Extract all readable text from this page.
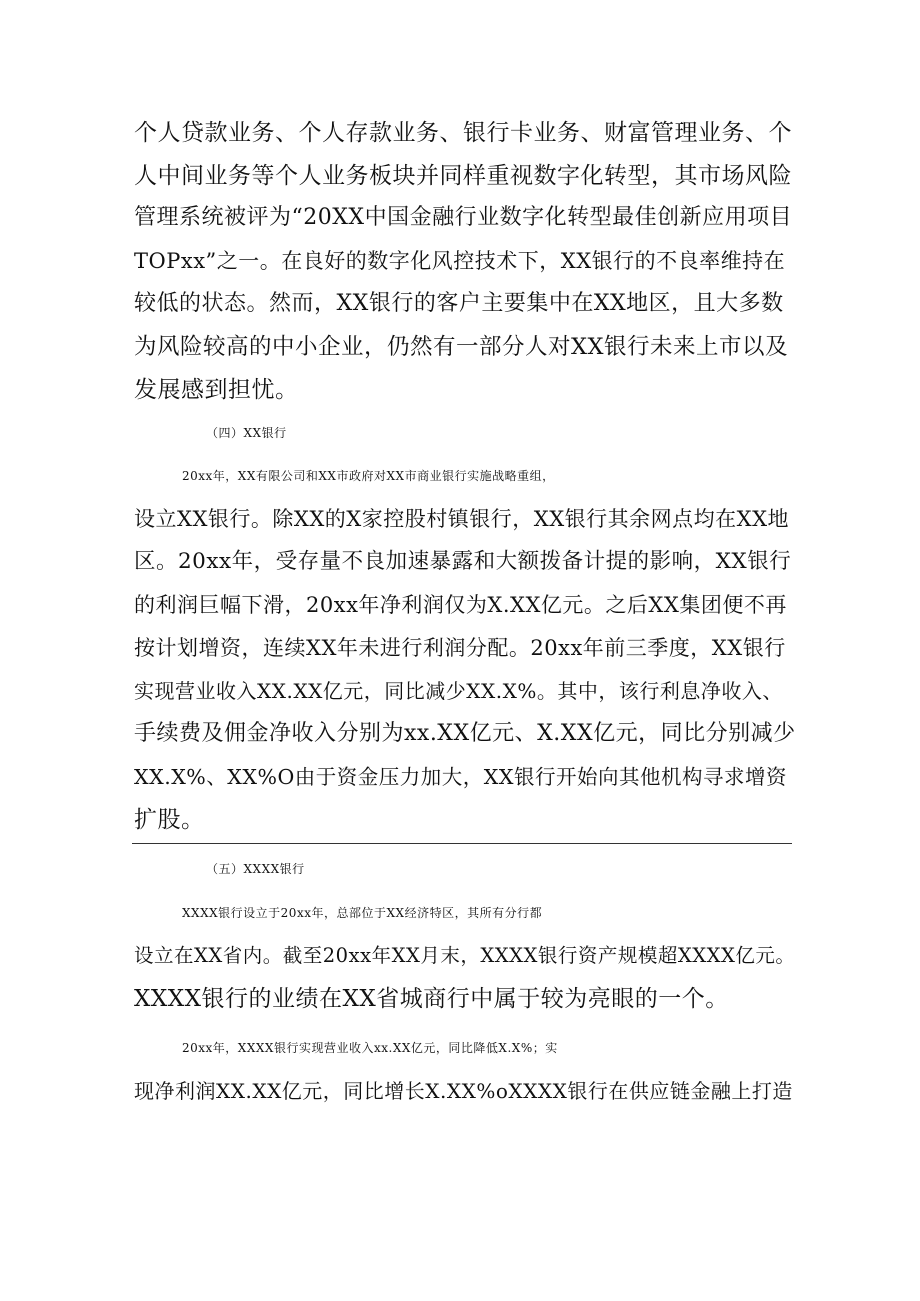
个人贷款业务、个人存款业务、银行卡业务、财富管理业务、个
人中间业务等个人业务板块并同样重视数字化转型，其市场风险
管理系统被评为“20XX中国金融行业数字化转型最佳创新应用项目
TOPxx”之一。在良好的数字化风控技术下，XX银行的不良率维持在
较低的状态。然而，XX银行的客户主要集中在XX地区，且大多数
为风险较高的中小企业，仍然有一部分人对XX银行未来上市以及
发展感到担忧。
（四）XX银行
20xx年，XX有限公司和XX市政府对XX市商业银行实施战略重组，
设立XX银行。除XX的X家控股村镇银行，XX银行其余网点均在XX地
区。20xx年，受存量不良加速暴露和大额拨备计提的影响，XX银行
的利润巨幅下滑，20xx年净利润仅为X.XX亿元。之后XX集团便不再
按计划增资，连续XX年未进行利润分配。20xx年前三季度，XX银行
实现营业收入XX.XX亿元，同比减少XX.X%。其中，该行利息净收入、
手续费及佣金净收入分别为xx.XX亿元、X.XX亿元，同比分别减少
XX.X%、XX%O由于资金压力加大，XX银行开始向其他机构寻求增资
扩股。
（五）XXXX银行
XXXX银行设立于20xx年，总部位于XX经济特区，其所有分行都
设立在XX省内。截至20xx年XX月末，XXXX银行资产规模超XXXX亿元。
XXXX银行的业绩在XX省城商行中属于较为亮眼的一个。
20xx年，XXXX银行实现营业收入xx.XX亿元，同比降低X.X%；实
现净利润XX.XX亿元，同比增长X.XX%oXXXX银行在供应链金融上打造
